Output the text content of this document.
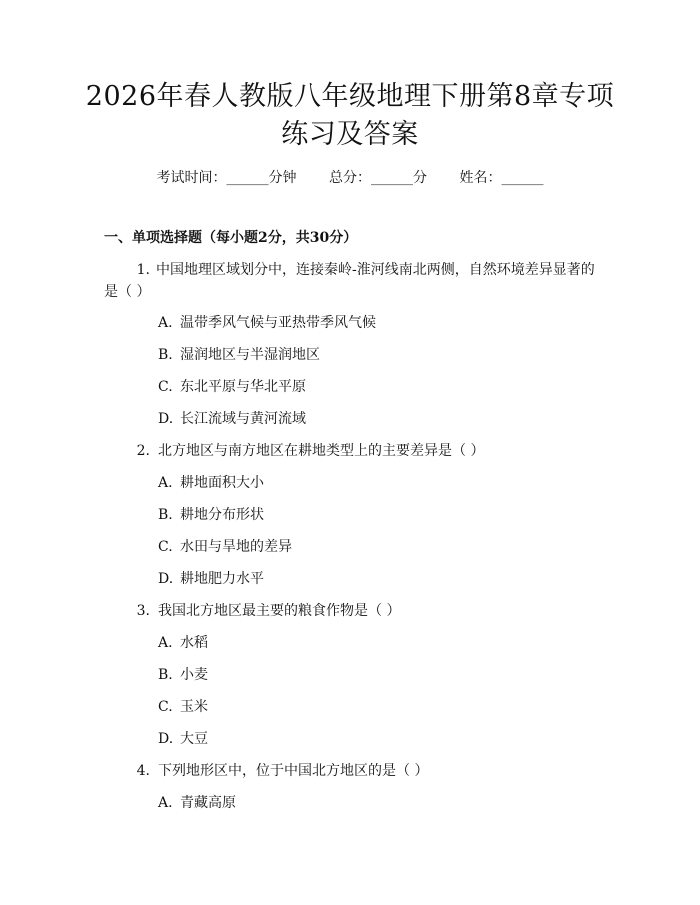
2026年春人教版八年级地理下册第8章专项
练习及答案
考试时间：______分钟 总分：______分 姓名：______
一、单项选择题（每小题2分，共30分）
1. 中国地理区域划分中，连接秦岭-淮河线南北两侧，自然环境差异显著的是（ ）
A. 温带季风气候与亚热带季风气候
B. 湿润地区与半湿润地区
C. 东北平原与华北平原
D. 长江流域与黄河流域
2. 北方地区与南方地区在耕地类型上的主要差异是（ ）
A. 耕地面积大小
B. 耕地分布形状
C. 水田与旱地的差异
D. 耕地肥力水平
3. 我国北方地区最主要的粮食作物是（ ）
A. 水稻
B. 小麦
C. 玉米
D. 大豆
4. 下列地形区中，位于中国北方地区的是（ ）
A. 青藏高原
